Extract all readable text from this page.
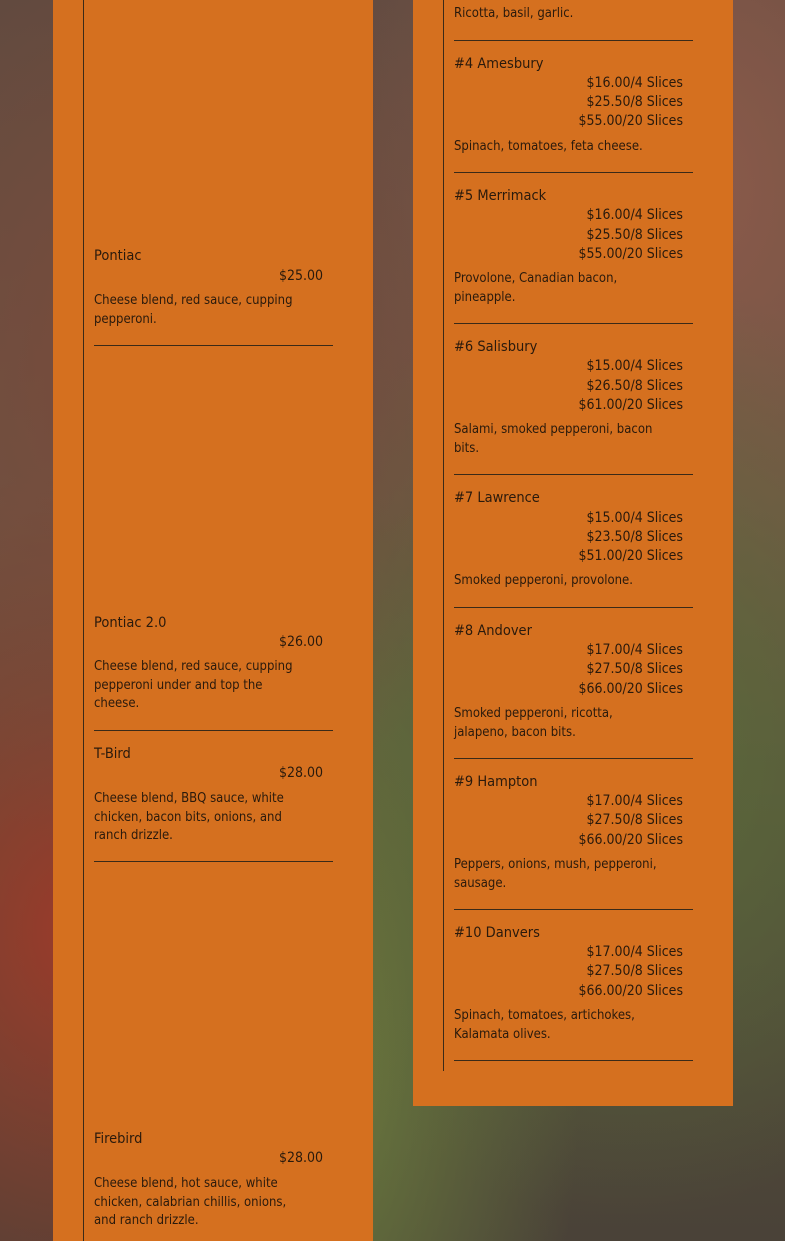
Pontiac
$25.00
Cheese blend, red sauce, cupping pepperoni.
Pontiac 2.0
$26.00
Cheese blend, red sauce, cupping pepperoni under and top the cheese.
T-Bird
$28.00
Cheese blend, BBQ sauce, white chicken, bacon bits, onions, and ranch drizzle.
Firebird
$28.00
Cheese blend, hot sauce, white chicken, calabrian chillis, onions, and ranch drizzle.
Ricotta, basil, garlic.
#4 Amesbury
$16.00/4 Slices
$25.50/8 Slices
$55.00/20 Slices
Spinach, tomatoes, feta cheese.
#5 Merrimack
$16.00/4 Slices
$25.50/8 Slices
$55.00/20 Slices
Provolone, Canadian bacon, pineapple.
#6 Salisbury
$15.00/4 Slices
$26.50/8 Slices
$61.00/20 Slices
Salami, smoked pepperoni, bacon bits.
#7 Lawrence
$15.00/4 Slices
$23.50/8 Slices
$51.00/20 Slices
Smoked pepperoni, provolone.
#8 Andover
$17.00/4 Slices
$27.50/8 Slices
$66.00/20 Slices
Smoked pepperoni, ricotta, jalapeno, bacon bits.
#9 Hampton
$17.00/4 Slices
$27.50/8 Slices
$66.00/20 Slices
Peppers, onions, mush, pepperoni, sausage.
#10 Danvers
$17.00/4 Slices
$27.50/8 Slices
$66.00/20 Slices
Spinach, tomatoes, artichokes, Kalamata olives.
